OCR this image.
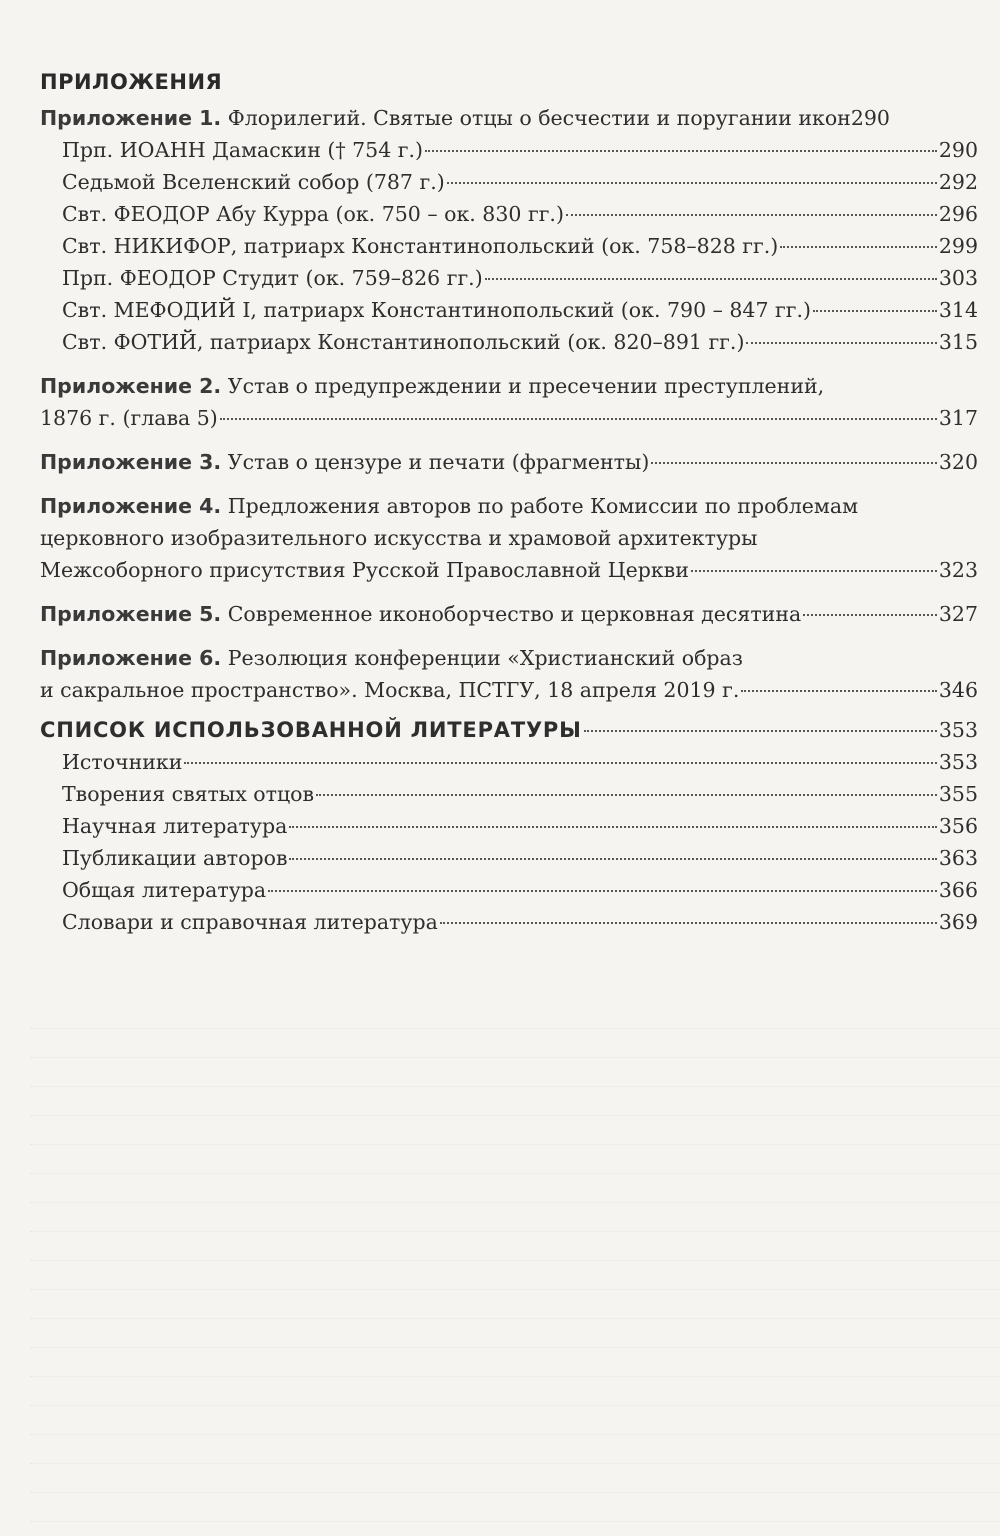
ПРИЛОЖЕНИЯ
Приложение 1. Флорилегий. Святые отцы о бесчестии и поругании икон 290
Прп. ИОАНН Дамаскин († 754 г.)	290
Седьмой Вселенский собор (787 г.)	292
Свт. ФЕОДОР Абу Курра (ок. 750 – ок. 830 гг.)	296
Свт. НИКИФОР, патриарх Константинопольский (ок. 758–828 гг.)	299
Прп. ФЕОДОР Студит (ок. 759–826 гг.)	303
Свт. МЕФОДИЙ I, патриарх Константинопольский (ок. 790 – 847 гг.)	314
Свт. ФОТИЙ, патриарх Константинопольский (ок. 820–891 гг.)	315
Приложение 2. Устав о предупреждении и пресечении преступлений,
1876 г. (глава 5)	317
Приложение 3. Устав о цензуре и печати (фрагменты)	320
Приложение 4. Предложения авторов по работе Комиссии по проблемам
церковного изобразительного искусства и храмовой архитектуры
Межсоборного присутствия Русской Православной Церкви	323
Приложение 5. Современное иконоборчество и церковная десятина	327
Приложение 6. Резолюция конференции «Христианский образ
и сакральное пространство». Москва, ПСТГУ, 18 апреля 2019 г.	346
СПИСОК ИСПОЛЬЗОВАННОЙ ЛИТЕРАТУРЫ	353
Источники	353
Творения святых отцов	355
Научная литература	356
Публикации авторов	363
Общая литература	366
Словари и справочная литература	369
